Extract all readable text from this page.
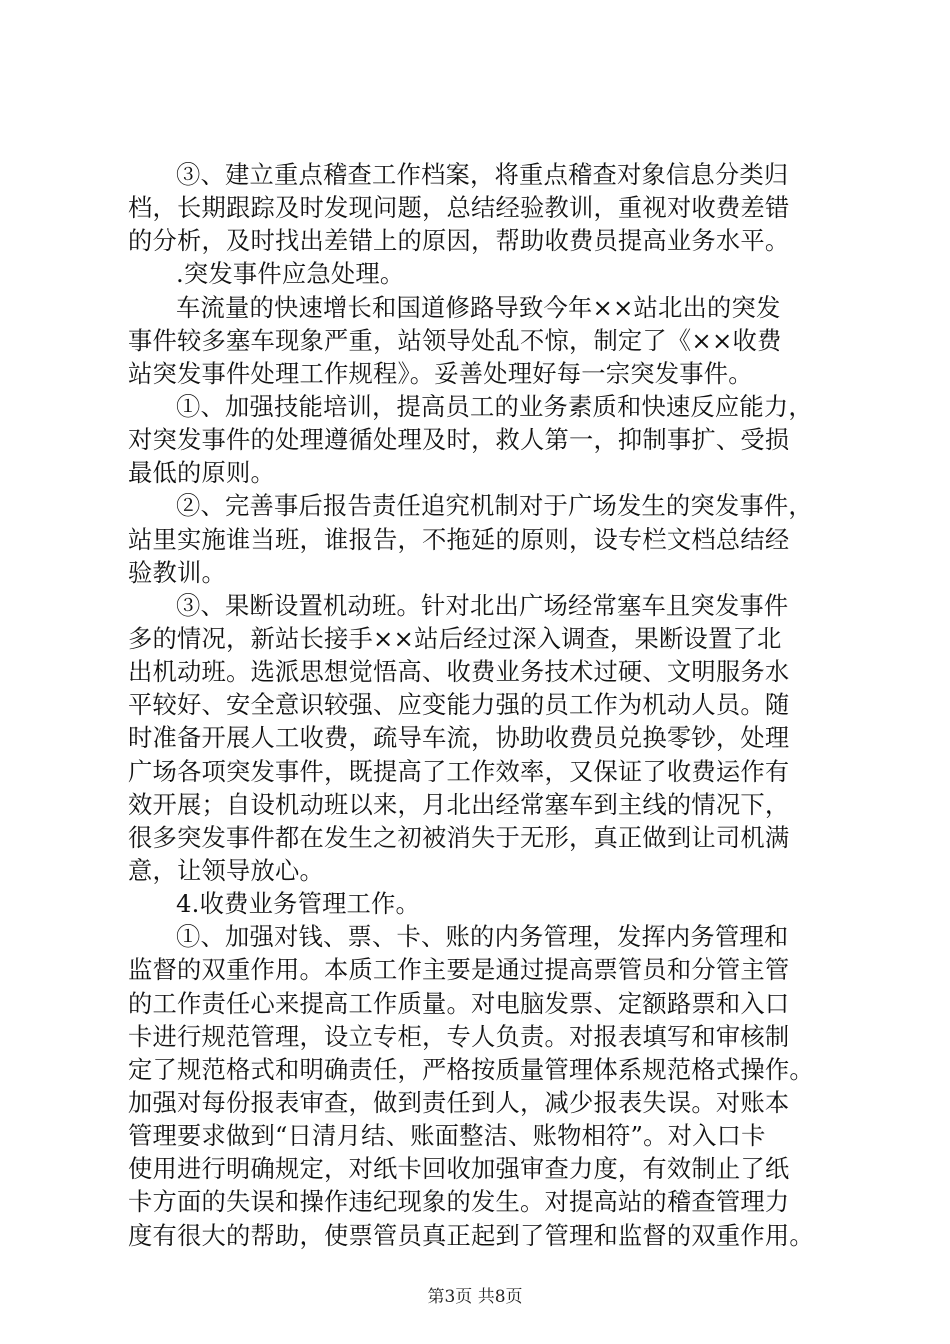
③、建立重点稽查工作档案，将重点稽查对象信息分类归
档，长期跟踪及时发现问题，总结经验教训，重视对收费差错
的分析，及时找出差错上的原因，帮助收费员提高业务水平。
.突发事件应急处理。
车流量的快速增长和国道修路导致今年××站北出的突发
事件较多塞车现象严重，站领导处乱不惊，制定了《××收费
站突发事件处理工作规程》。妥善处理好每一宗突发事件。
①、加强技能培训，提高员工的业务素质和快速反应能力，
对突发事件的处理遵循处理及时，救人第一，抑制事扩、受损
最低的原则。
②、完善事后报告责任追究机制对于广场发生的突发事件，
站里实施谁当班，谁报告，不拖延的原则，设专栏文档总结经
验教训。
③、果断设置机动班。针对北出广场经常塞车且突发事件
多的情况，新站长接手××站后经过深入调查，果断设置了北
出机动班。选派思想觉悟高、收费业务技术过硬、文明服务水
平较好、安全意识较强、应变能力强的员工作为机动人员。随
时准备开展人工收费，疏导车流，协助收费员兑换零钞，处理
广场各项突发事件，既提高了工作效率，又保证了收费运作有
效开展；自设机动班以来，月北出经常塞车到主线的情况下，
很多突发事件都在发生之初被消失于无形，真正做到让司机满
意，让领导放心。
4.收费业务管理工作。
①、加强对钱、票、卡、账的内务管理，发挥内务管理和
监督的双重作用。本质工作主要是通过提高票管员和分管主管
的工作责任心来提高工作质量。对电脑发票、定额路票和入口
卡进行规范管理，设立专柜，专人负责。对报表填写和审核制
定了规范格式和明确责任，严格按质量管理体系规范格式操作。
加强对每份报表审查，做到责任到人，减少报表失误。对账本
管理要求做到“日清月结、账面整洁、账物相符”。对入口卡
使用进行明确规定，对纸卡回收加强审查力度，有效制止了纸
卡方面的失误和操作违纪现象的发生。对提高站的稽查管理力
度有很大的帮助，使票管员真正起到了管理和监督的双重作用。
第3页 共8页
